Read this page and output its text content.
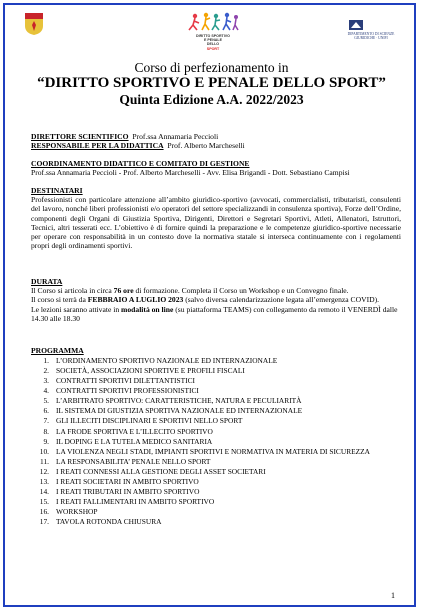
DIRITTO SPORTIVO
E PENALE
DELLO
SPORT
DIPARTIMENTO DI SCIENZE
GIURIDICHE · UNIFI
Corso di perfezionamento in
“DIRITTO SPORTIVO E PENALE DELLO SPORT”
Quinta Edizione A.A. 2022/2023
DIRETTORE SCIENTIFICO Prof.ssa Annamaria Peccioli
RESPONSABILE PER LA DIDATTICA Prof. Alberto Marcheselli
COORDINAMENTO DIDATTICO E COMITATO DI GESTIONE
Prof.ssa Annamaria Peccioli - Prof. Alberto Marcheselli - Avv. Elisa Brigandì - Dott. Sebastiano Campisi
DESTINATARI
Professionisti con particolare attenzione all’ambito giuridico-sportivo (avvocati, commercialisti, tributaristi, consulenti del lavoro, nonché liberi professionisti e/o operatori del settore specializzandi in consulenza sportiva), Forze dell’Ordine, componenti degli Organi di Giustizia Sportiva, Dirigenti, Direttori e Segretari Sportivi, Atleti, Allenatori, Istruttori, Tecnici, altri tesserati ecc. L’obiettivo è di fornire quindi la preparazione e le competenze giuridico-sportive necessarie per operare con responsabilità in un contesto dove la normativa statale si interseca continuamente con i regolamenti propri degli ordinamenti sportivi.
DURATA
Il Corso si articola in circa 76 ore di formazione. Completa il Corso un Workshop e un Convegno finale.
Il corso si terrà da FEBBRAIO A LUGLIO 2023 (salvo diversa calendarizzazione legata all’emergenza COVID).
Le lezioni saranno attivate in modalità on line (su piattaforma TEAMS) con collegamento da remoto il VENERDÌ dalle 14.30 alle 18.30
PROGRAMMA
1. L’ORDINAMENTO SPORTIVO NAZIONALE ED INTERNAZIONALE
2. SOCIETÀ, ASSOCIAZIONI SPORTIVE E PROFILI FISCALI
3. CONTRATTI SPORTIVI DILETTANTISTICI
4. CONTRATTI SPORTIVI PROFESSIONISTICI
5. L’ARBITRATO SPORTIVO: CARATTERISTICHE, NATURA E PECULIARITÀ
6. IL SISTEMA DI GIUSTIZIA SPORTIVA NAZIONALE ED INTERNAZIONALE
7. GLI ILLECITI DISCIPLINARI E SPORTIVI NELLO SPORT
8. LA FRODE SPORTIVA E L’ILLECITO SPORTIVO
9. IL DOPING E LA TUTELA MEDICO SANITARIA
10. LA VIOLENZA NEGLI STADI, IMPIANTI SPORTIVI E NORMATIVA IN MATERIA DI SICUREZZA
11. LA RESPONSABILITA’ PENALE NELLO SPORT
12. I REATI CONNESSI ALLA GESTIONE DEGLI ASSET SOCIETARI
13. I REATI SOCIETARI IN AMBITO SPORTIVO
14. I REATI TRIBUTARI IN AMBITO SPORTIVO
15. I REATI FALLIMENTARI IN AMBITO SPORTIVO
16. WORKSHOP
17. TAVOLA ROTONDA CHIUSURA
1
